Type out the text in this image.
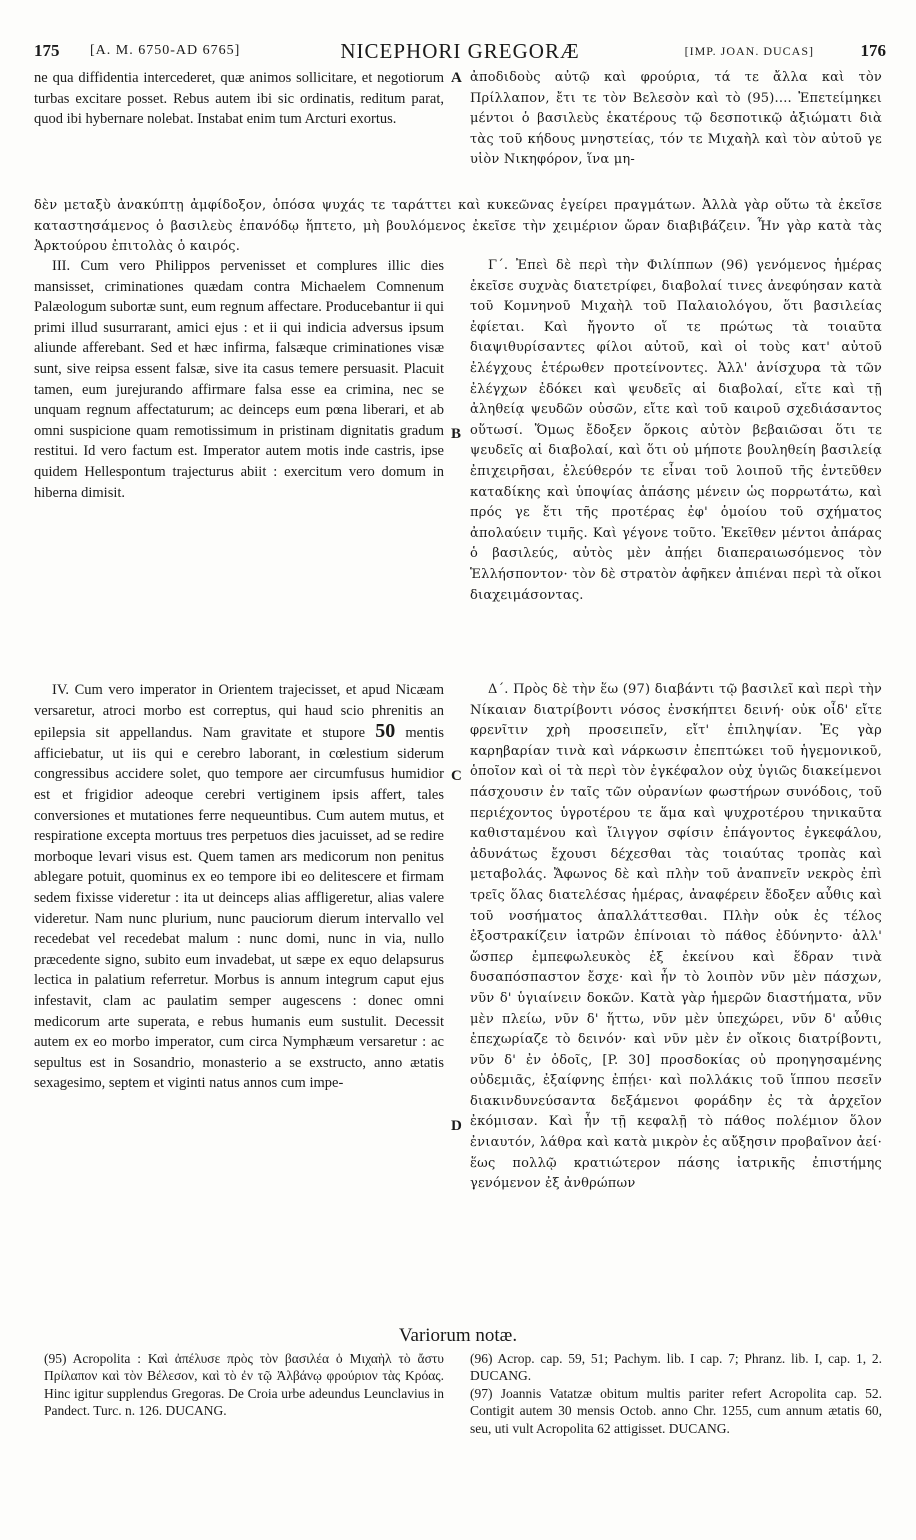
175 [A. M. 6750-AD 6765]	NICEPHORI GREGORÆ	[IMP. JOAN. DUCAS]	176
A
B
C
D

ne qua diffidentia intercederet, quæ animos sollicitare, et negotiorum turbas excitare posset. Rebus autem ibi sic ordinatis, reditum parat, quod ibi hybernare nolebat. Instabat enim tum Arcturi exortus.

ἀποδιδοὺς αὐτῷ καὶ φρούρια, τά τε ἄλλα καὶ τὸν Πρίλλαπον, ἔτι τε τὸν Βελεσὸν καὶ τὸ (95).... Ἐπετείμηκει μέντοι ὁ βασιλεὺς ἑκατέρους τῷ δεσποτικῷ ἀξιώματι διὰ τὰς τοῦ κήδους μνηστείας, τόν τε Μιχαὴλ καὶ τὸν αὐτοῦ γε υἱὸν Νικηφόρον, ἵνα μη-

δὲν μεταξὺ ἀνακύπτῃ ἀμφίδοξον, ὁπόσα ψυχάς τε ταράττει καὶ κυκεῶνας ἐγείρει πραγμάτων. Ἀλλὰ γὰρ οὕτω τὰ ἐκεῖσε καταστησάμενος ὁ βασιλεὺς ἐπανόδῳ ἥπτετο, μὴ βουλόμενος ἐκεῖσε τὴν χειμέριον ὥραν διαβιβάζειν. Ἦν γὰρ κατὰ τὰς Ἀρκτούρου ἐπιτολὰς ὁ καιρός.

III. Cum vero Philippos pervenisset et complures illic dies mansisset, criminationes quædam contra Michaelem Comnenum Palæologum subortæ sunt, eum regnum affectare. Producebantur ii qui primi illud susurrarant, amici ejus : et ii qui indicia adversus ipsum aliunde afferebant. Sed et hæc infirma, falsæque criminationes visæ sunt, sive reipsa essent falsæ, sive ita casus temere persuasit. Placuit tamen, eum jurejurando affirmare falsa esse ea crimina, nec se unquam regnum affectaturum; ac deinceps eum pœna liberari, et ab omni suspicione quam remotissimum in pristinam dignitatis gradum restitui. Id vero factum est. Imperator autem motis inde castris, ipse quidem Hellespontum trajecturus abiit : exercitum vero domum in hiberna dimisit.

Γ΄. Ἐπεὶ δὲ περὶ τὴν Φιλίππων (96) γενόμενος ἡμέρας ἐκεῖσε συχνὰς διατετρίφει, διαβολαί τινες ἀνεφύησαν κατὰ τοῦ Κομνηνοῦ Μιχαὴλ τοῦ Παλαιολόγου, ὅτι βασιλείας ἐφίεται. Καὶ ἤγοντο οἵ τε πρώτως τὰ τοιαῦτα διαψιθυρίσαντες φίλοι αὐτοῦ, καὶ οἱ τοὺς κατ' αὐτοῦ ἐλέγχους ἑτέρωθεν προτείνοντες. Ἀλλ' ἀνίσχυρα τὰ τῶν ἐλέγχων ἐδόκει καὶ ψευδεῖς αἱ διαβολαί, εἴτε καὶ τῇ ἀληθείᾳ ψευδῶν οὐσῶν, εἴτε καὶ τοῦ καιροῦ σχεδιάσαντος οὕτωσί. Ὅμως ἔδοξεν ὅρκοις αὐτὸν βεβαιῶσαι ὅτι τε ψευδεῖς αἱ διαβολαί, καὶ ὅτι οὐ μήποτε βουληθείη βασιλείᾳ ἐπιχειρῆσαι, ἐλεύθερόν τε εἶναι τοῦ λοιποῦ τῆς ἐντεῦθεν καταδίκης καὶ ὑποψίας ἁπάσης μένειν ὡς πορρωτάτω, καὶ πρός γε ἔτι τῆς προτέρας ἐφ' ὁμοίου τοῦ σχήματος ἀπολαύειν τιμῆς. Καὶ γέγονε τοῦτο. Ἐκεῖθεν μέντοι ἀπάρας ὁ βασιλεύς, αὐτὸς μὲν ἀπῄει διαπεραιωσόμενος τὸν Ἑλλήσποντον· τὸν δὲ στρατὸν ἀφῆκεν ἀπιέναι περὶ τὰ οἴκοι διαχειμάσοντας.

IV. Cum vero imperator in Orientem trajecisset, et apud Nicæam versaretur, atroci morbo est correptus, qui haud scio phrenitis an epilepsia sit appellandus. Nam gravitate et stupore 50 mentis afficiebatur, ut iis qui e cerebro laborant, in cœlestium siderum congressibus accidere solet, quo tempore aer circumfusus humidior est et frigidior adeoque cerebri vertiginem ipsis affert, tales conversiones et mutationes ferre nequeuntibus. Cum autem mutus, et respiratione excepta mortuus tres perpetuos dies jacuisset, ad se redire morboque levari visus est. Quem tamen ars medicorum non penitus ablegare potuit, quominus ex eo tempore ibi eo delitescere et firmam sedem fixisse videretur : ita ut deinceps alias affligeretur, alias valere videretur. Nam nunc plurium, nunc pauciorum dierum intervallo vel recedebat vel recedebat malum : nunc domi, nunc in via, nullo præcedente signo, subito eum invadebat, ut sæpe ex equo delapsurus lectica in palatium referretur. Morbus is annum integrum caput ejus infestavit, clam ac paulatim semper augescens : donec omni medicorum arte superata, e rebus humanis eum sustulit. Decessit autem ex eo morbo imperator, cum circa Nymphæum versaretur : ac sepultus est in Sosandrio, monasterio a se exstructo, anno ætatis sexagesimo, septem et viginti natus annos cum impe-

Δ΄. Πρὸς δὲ τὴν ἕω (97) διαβάντι τῷ βασιλεῖ καὶ περὶ τὴν Νίκαιαν διατρίβοντι νόσος ἐνσκήπτει δεινή· οὐκ οἶδ' εἴτε φρενῖτιν χρὴ προσειπεῖν, εἴτ' ἐπιληψίαν. Ἐς γὰρ καρηβαρίαν τινὰ καὶ νάρκωσιν ἐπεπτώκει τοῦ ἡγεμονικοῦ, ὁποῖον καὶ οἱ τὰ περὶ τὸν ἐγκέφαλον οὐχ ὑγιῶς διακείμενοι πάσχουσιν ἐν ταῖς τῶν οὐρανίων φωστήρων συνόδοις, τοῦ περιέχοντος ὑγροτέρου τε ἅμα καὶ ψυχροτέρου τηνικαῦτα καθισταμένου καὶ ἴλιγγον σφίσιν ἐπάγοντος ἐγκεφάλου, ἀδυνάτως ἔχουσι δέχεσθαι τὰς τοιαύτας τροπὰς καὶ μεταβολάς. Ἄφωνος δὲ καὶ πλὴν τοῦ ἀναπνεῖν νεκρὸς ἐπὶ τρεῖς ὅλας διατελέσας ἡμέρας, ἀναφέρειν ἔδοξεν αὖθις καὶ τοῦ νοσήματος ἀπαλλάττεσθαι. Πλὴν οὐκ ἐς τέλος ἐξοστρακίζειν ἰατρῶν ἐπίνοιαι τὸ πάθος ἐδύνηντο· ἀλλ' ὥσπερ ἐμπεφωλευκὸς ἐξ ἐκείνου καὶ ἕδραν τινὰ δυσαπόσπαστον ἔσχε· καὶ ἦν τὸ λοιπὸν νῦν μὲν πάσχων, νῦν δ' ὑγιαίνειν δοκῶν. Κατὰ γὰρ ἡμερῶν διαστήματα, νῦν μὲν πλείω, νῦν δ' ἥττω, νῦν μὲν ὑπεχώρει, νῦν δ' αὖθις ἐπεχωρίαζε τὸ δεινόν· καὶ νῦν μὲν ἐν οἴκοις διατρίβοντι, νῦν δ' ἐν ὁδοῖς, [P. 30] προσδοκίας οὐ προηγησαμένης οὐδεμιᾶς, ἐξαίφνης ἐπῄει· καὶ πολλάκις τοῦ ἵππου πεσεῖν διακινδυνεύσαντα δεξάμενοι φοράδην ἐς τὰ ἀρχεῖον ἐκόμισαν. Καὶ ἦν τῇ κεφαλῇ τὸ πάθος πολέμιον ὅλον ἐνιαυτόν, λάθρα καὶ κατὰ μικρὸν ἐς αὔξησιν προβαῖνον ἀεί· ἕως πολλῷ κρατιώτερον πάσης ἰατρικῆς ἐπιστήμης γενόμενον ἐξ ἀνθρώπων

Variorum notæ.

(95) Acropolita : Καὶ ἀπέλυσε πρὸς τὸν βασιλέα ὁ Μιχαὴλ τὸ ἄστυ Πρίλαπον καὶ τὸν Βέλεσον, καὶ τὸ ἐν τῷ Ἀλβάνῳ φρούριον τὰς Κρόας. Hinc igitur supplendus Gregoras. De Croia urbe adeundus Leunclavius in Pandect. Turc. n. 126. DUCANG.

(96) Acrop. cap. 59, 51; Pachym. lib. I cap. 7; Phranz. lib. I, cap. 1, 2. DUCANG.

(97) Joannis Vatatzæ obitum multis pariter refert Acropolita cap. 52. Contigit autem 30 mensis Octob. anno Chr. 1255, cum annum ætatis 60, seu, uti vult Acropolita 62 attigisset. DUCANG.
